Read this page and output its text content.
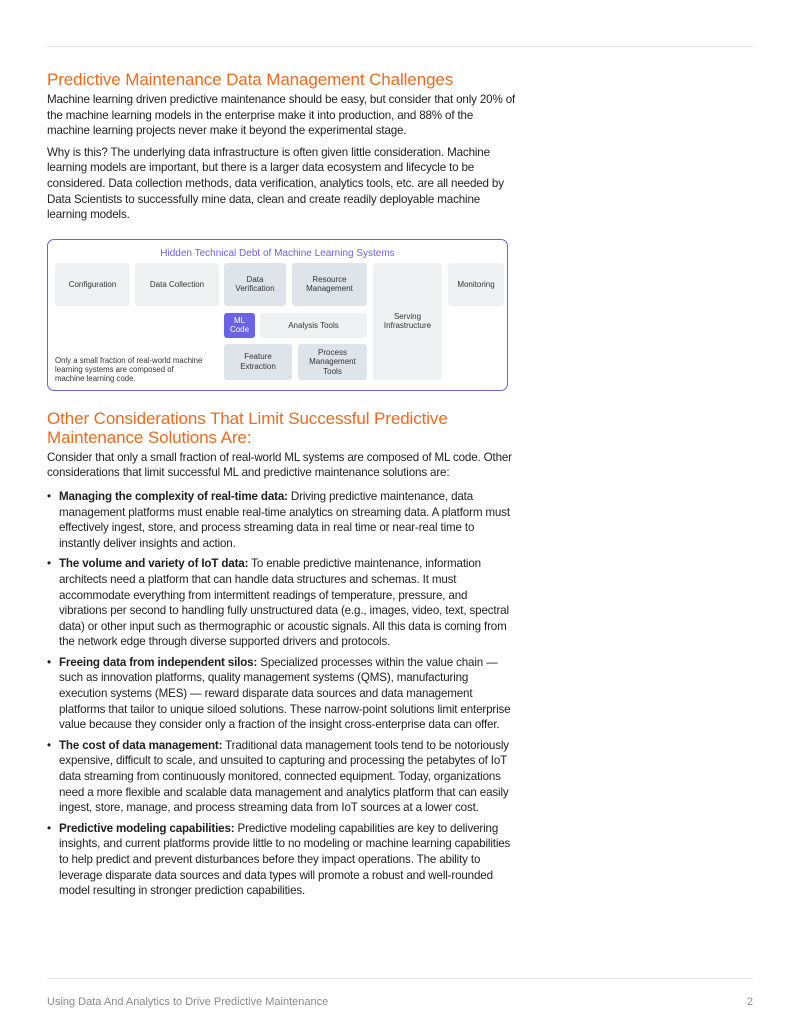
Predictive Maintenance Data Management Challenges

Machine learning driven predictive maintenance should be easy, but consider that only 20% of the machine learning models in the enterprise make it into production, and 88% of the machine learning projects never make it beyond the experimental stage.

Why is this? The underlying data infrastructure is often given little consideration. Machine learning models are important, but there is a larger data ecosystem and lifecycle to be considered. Data collection methods, data verification, analytics tools, etc. are all needed by Data Scientists to successfully mine data, clean and create readily deployable machine learning models.

Hidden Technical Debt of Machine Learning Systems
Configuration	Data Collection
Data Verification
Resource Management
Serving Infrastructure
Monitoring
ML Code
Analysis Tools
Feature Extraction
Process Management Tools
Only a small fraction of real-world machine learning systems are composed of machine learning code.
Other Considerations That Limit Successful Predictive Maintenance Solutions Are:

Consider that only a small fraction of real-world ML systems are composed of ML code. Other considerations that limit successful ML and predictive maintenance solutions are:

• Managing the complexity of real-time data: Driving predictive maintenance, data management platforms must enable real-time analytics on streaming data. A platform must effectively ingest, store, and process streaming data in real time or near-real time to instantly deliver insights and action.
• The volume and variety of IoT data: To enable predictive maintenance, information architects need a platform that can handle data structures and schemas. It must accommodate everything from intermittent readings of temperature, pressure, and vibrations per second to handling fully unstructured data (e.g., images, video, text, spectral data) or other input such as thermographic or acoustic signals. All this data is coming from the network edge through diverse supported drivers and protocols.
• Freeing data from independent silos: Specialized processes within the value chain — such as innovation platforms, quality management systems (QMS), manufacturing execution systems (MES) — reward disparate data sources and data management platforms that tailor to unique siloed solutions. These narrow-point solutions limit enterprise value because they consider only a fraction of the insight cross-enterprise data can offer.
• The cost of data management: Traditional data management tools tend to be notoriously expensive, difficult to scale, and unsuited to capturing and processing the petabytes of IoT data streaming from continuously monitored, connected equipment. Today, organizations need a more flexible and scalable data management and analytics platform that can easily ingest, store, manage, and process streaming data from IoT sources at a lower cost.
• Predictive modeling capabilities: Predictive modeling capabilities are key to delivering insights, and current platforms provide little to no modeling or machine learning capabilities to help predict and prevent disturbances before they impact operations. The ability to leverage disparate data sources and data types will promote a robust and well-rounded model resulting in stronger prediction capabilities.
Using Data And Analytics to Drive Predictive Maintenance	2
